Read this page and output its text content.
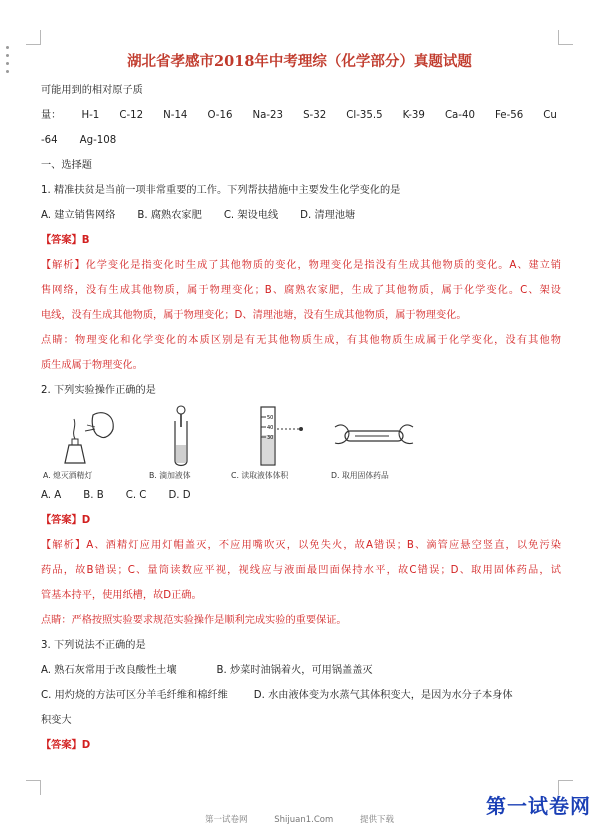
湖北省孝感市2018年中考理综（化学部分）真题试题
可能用到的相对原子质
量： H-1 C-12 N-14 O-16 Na-23 S-32 Cl-35.5 K-39 Ca-40 Fe-56 Cu
-64 Ag-108
一、选择题
1. 精准扶贫是当前一项非常重要的工作。下列帮扶措施中主要发生化学变化的是
A. 建立销售网络 B. 腐熟农家肥 C. 架设电线 D. 清理池塘
【答案】B
【解析】化学变化是指变化时生成了其他物质的变化，物理变化是指没有生成其他物质的变化。A、建立销
售网络，没有生成其他物质，属于物理变化；B、腐熟农家肥，生成了其他物质，属于化学变化。C、架设
电线，没有生成其他物质，属于物理变化；D、清理池塘，没有生成其他物质，属于物理变化。
点睛：物理变化和化学变化的本质区别是有无其他物质生成，有其他物质生成属于化学变化，没有其他物
质生成属于物理变化。
2. 下列实验操作正确的是
A. 熄灭酒精灯	B. 滴加液体
50
40
30
C. 读取液体体积	D. 取用固体药品
A. A B. B C. C D. D
【答案】D
【解析】A、酒精灯应用灯帽盖灭，不应用嘴吹灭，以免失火，故A错误；B、滴管应悬空竖直，以免污染
药品，故B错误；C、量筒读数应平视，视线应与液面最凹面保持水平，故C错误；D、取用固体药品，试
管基本持平，使用纸槽，故D正确。
点睛：严格按照实验要求规范实验操作是顺利完成实验的重要保证。
3. 下列说法不正确的是
A. 熟石灰常用于改良酸性土壤	B. 炒菜时油锅着火，可用锅盖盖灭
C. 用灼烧的方法可区分羊毛纤维和棉纤维	D. 水由液体变为水蒸气其体积变大，是因为水分子本身体
积变大
【答案】D
第一试卷网	Shijuan1.Com	提供下载
第一试卷网
